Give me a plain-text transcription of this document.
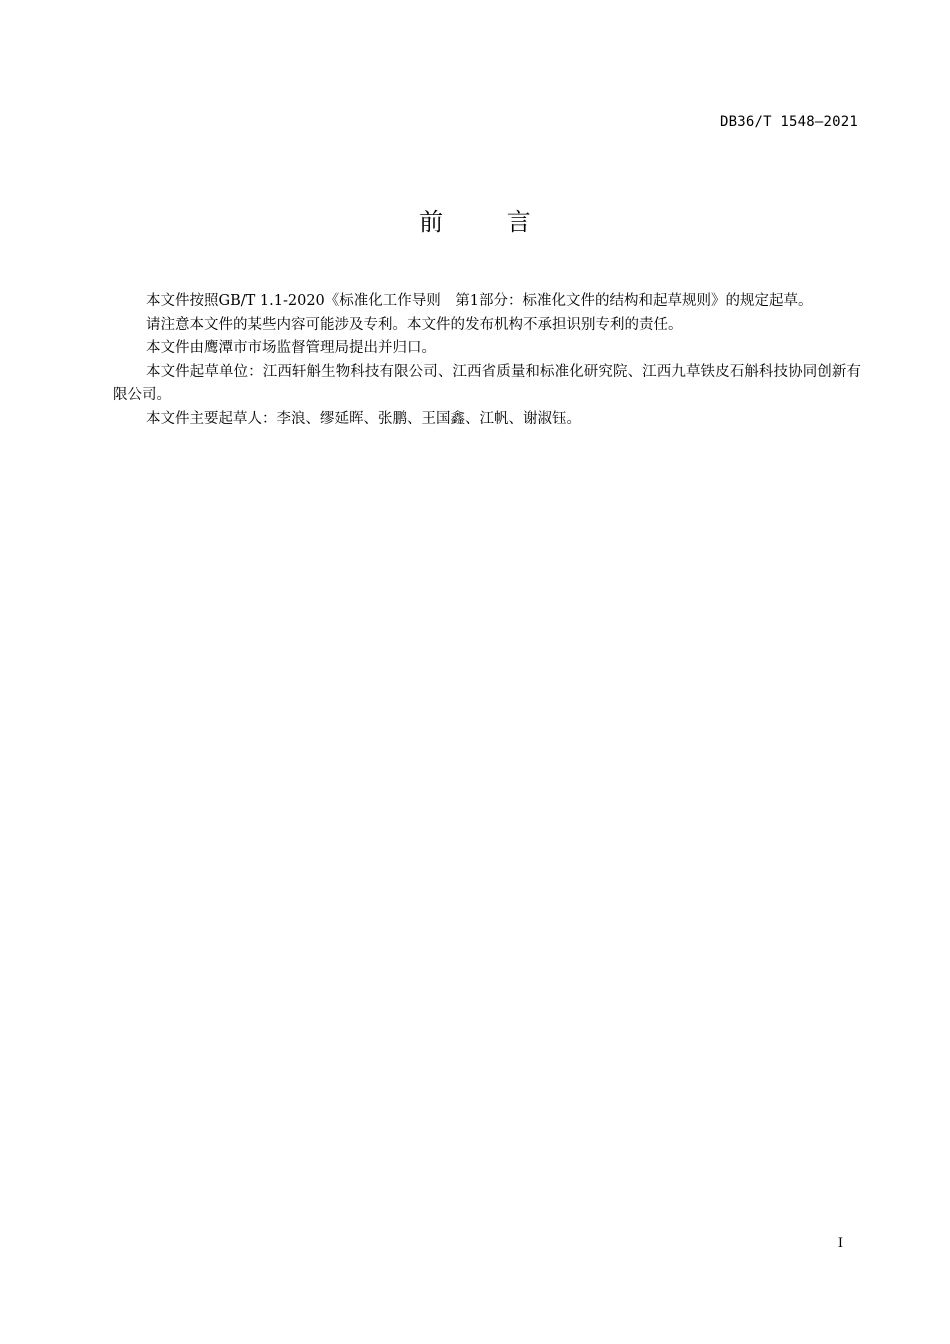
DB36/T 1548—2021
前 言

本文件按照GB/T 1.1-2020《标准化工作导则　第1部分：标准化文件的结构和起草规则》的规定起草。

请注意本文件的某些内容可能涉及专利。本文件的发布机构不承担识别专利的责任。

本文件由鹰潭市市场监督管理局提出并归口。

本文件起草单位：江西轩斛生物科技有限公司、江西省质量和标准化研究院、江西九草铁皮石斛科技协同创新有限公司。

本文件主要起草人：李浪、缪延晖、张鹏、王国鑫、江帆、谢淑钰。

I
